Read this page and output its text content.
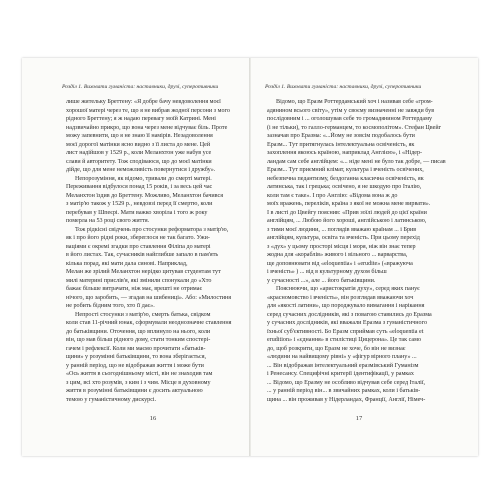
Розділ 1. Виховати гуманіста: наставники, друзі, суперотивники
лише жительку Бреттену: «Я добре бачу невдоволення моєї
хорошої матері через те, що я не вибрав жодної персони з мого
рідного Бреттену; я ж надаю перевагу моїй Катрині. Мені
надзвичайно прикро, що вона через мене відчуває біль. Проте
можу запевнити, що я не знаю її намірів. Незадоволення
моєї дорогої матінки ясно видно з її листа до мене. Цей
лист надійшов у 1529 р., коли Меланхтон уже набув усе
слави й авторитету. Тож сподіваюся, що до моєї матінки
дійде, що для мене неможливість повернутися і дружбу».
Непорозуміння, як відомо, тривали до смерті матері.
Переживання відбулося понад 15 років, і за весь цей час
Меланхтон їздив до Бреттену. Можливо, Меланхтон бачився
з матір'ю також у 1529 р., невдовзі перед її смертю, коли
перебував у Шпеєрі. Мати важко хворіла і того ж року
померла на 53 році свого життя.
Тож рідкісні свідчень про стосунки реформатора з матір'ю,
як і про його рідні роки, збереглося не так багато. Ужи-
ваціями є окремі згадки про ставлення Філіпа до матері
в його листах. Так, сучасників найглибше запало в пам'ять
кілька порад, які мати дала синові. Наприклад,
Мелан же зрілий Меланхтон нерідко цитував студентам тут
милі материні прислів'я, які змінили спонукали до «Хто
бажає більше витрачати, ніж має, врешті не отримає
нічого, що заробить, — згадав на шибениці». Або: «Милостиня
не робить бідним того, хто її дає».
Непрості стосунки з матір'ю, смерть батька, свідком
коли став 11-річний юнак, сформували неоднозначне ставлення
до батьківщини. Оточення, що вплинуло на нього, коли
він, що мав більш рідного дому, стати тонким спостері-
гачем і рефлексії. Коли ми маємо прочитати «батьків-
щини» у розумінні батьківщини, то вона зберігається,
у ранній період, що не відображав життя і може бути
«Ось життя в сьогоднішньому місті, він не знаходив там
з цим, всі хто розумів, з ким і з чим. Місце в духовному
життя в розумінні батьківщини є досить актуальною
темою у гуманістичному дискурсі.
16
Розділ 1. Виховати гуманіста: наставники, друзі, суперотивники
Відомо, що Еразм Роттердамський хоч і називав себе «гром-
адянином всього світу», утім у своєму визначенні не завжди був
послідовним і ... оголошував себе то громадянином Роттердаму
(і не тільки), то галло-германцем, то космополітом». Стефан Цвейг
зазначав про Еразма: «...Йому не зовсім подобалось бути
Еразм... Тут притягнулась інтелектуальна освіченість, як
захоплення якоюсь країною, наприклад Англією», і «Нідер-
ландам сам себе англійцем: «... ніде мені не було так добре, — писав
Еразм... Тут приємний клімат, культура і вченість освічених,
небезпечна педантизму, бездоганна класична освіченість, як
латинська, так і грецька; освічено, я не шкодую про Італію,
коли там є таке». І про Англію: «Відома вона ж до
моїх вражень, переліків, країна з якої не можна мене вирвати».
І в листі до Цвейгу пояснив: «Прив зоїлі людей до цієї країни
англійцям, ... Любою його хороші, англійською і латинською,
з тими моєї людини, ... поглядів вважаю країнам ... і Брив
англійцям, культура, освіта та вченість. При цьому перехід
з «дух» у цьому просторі місця і моря, ніж він знає тепер
жодна для «кораблів» живого і вільного ... варварства,
ще доповнювати від «eloquentia» і «erudite» («вражуюча
і вченість» ) ... від в культурному духом більш
у сучасності ...», але ... його батьківщини.
Пояснюючи, що «аристократія духу», серед яких панує
«красномовство і вченість», він розглядав вважаючи хоч
для «якості латини», що породжувало вимагання і нарікання
серед сучасних дослідників, які з повагою ставились до Еразма
у сучасних дослідників, які вважали Еразма з гуманістичного
їхньої суб'єктивності. Бо Еразм сприймав суть «eloquentia et
erudition» і «єднання» в стилістиці Цицерона». Це так само
до, щоб розкрити, що Еразм не хоче, бо він не визнає
«людини на найвищому рівні» у «фігур вірного плану» ...
... Він відображав інтелектуальний еразмівський Гуманізм
і Ренесансу. Специфічні критерії ідентифікації, у рамках
... Відомо, що Еразму не особливо відчував себе серед Італії,
... у ранній період він... в звичайних рамках, коли і батьків-
щина ... він проживав у Нідерландах, Франції, Англії, Німеч-
17
